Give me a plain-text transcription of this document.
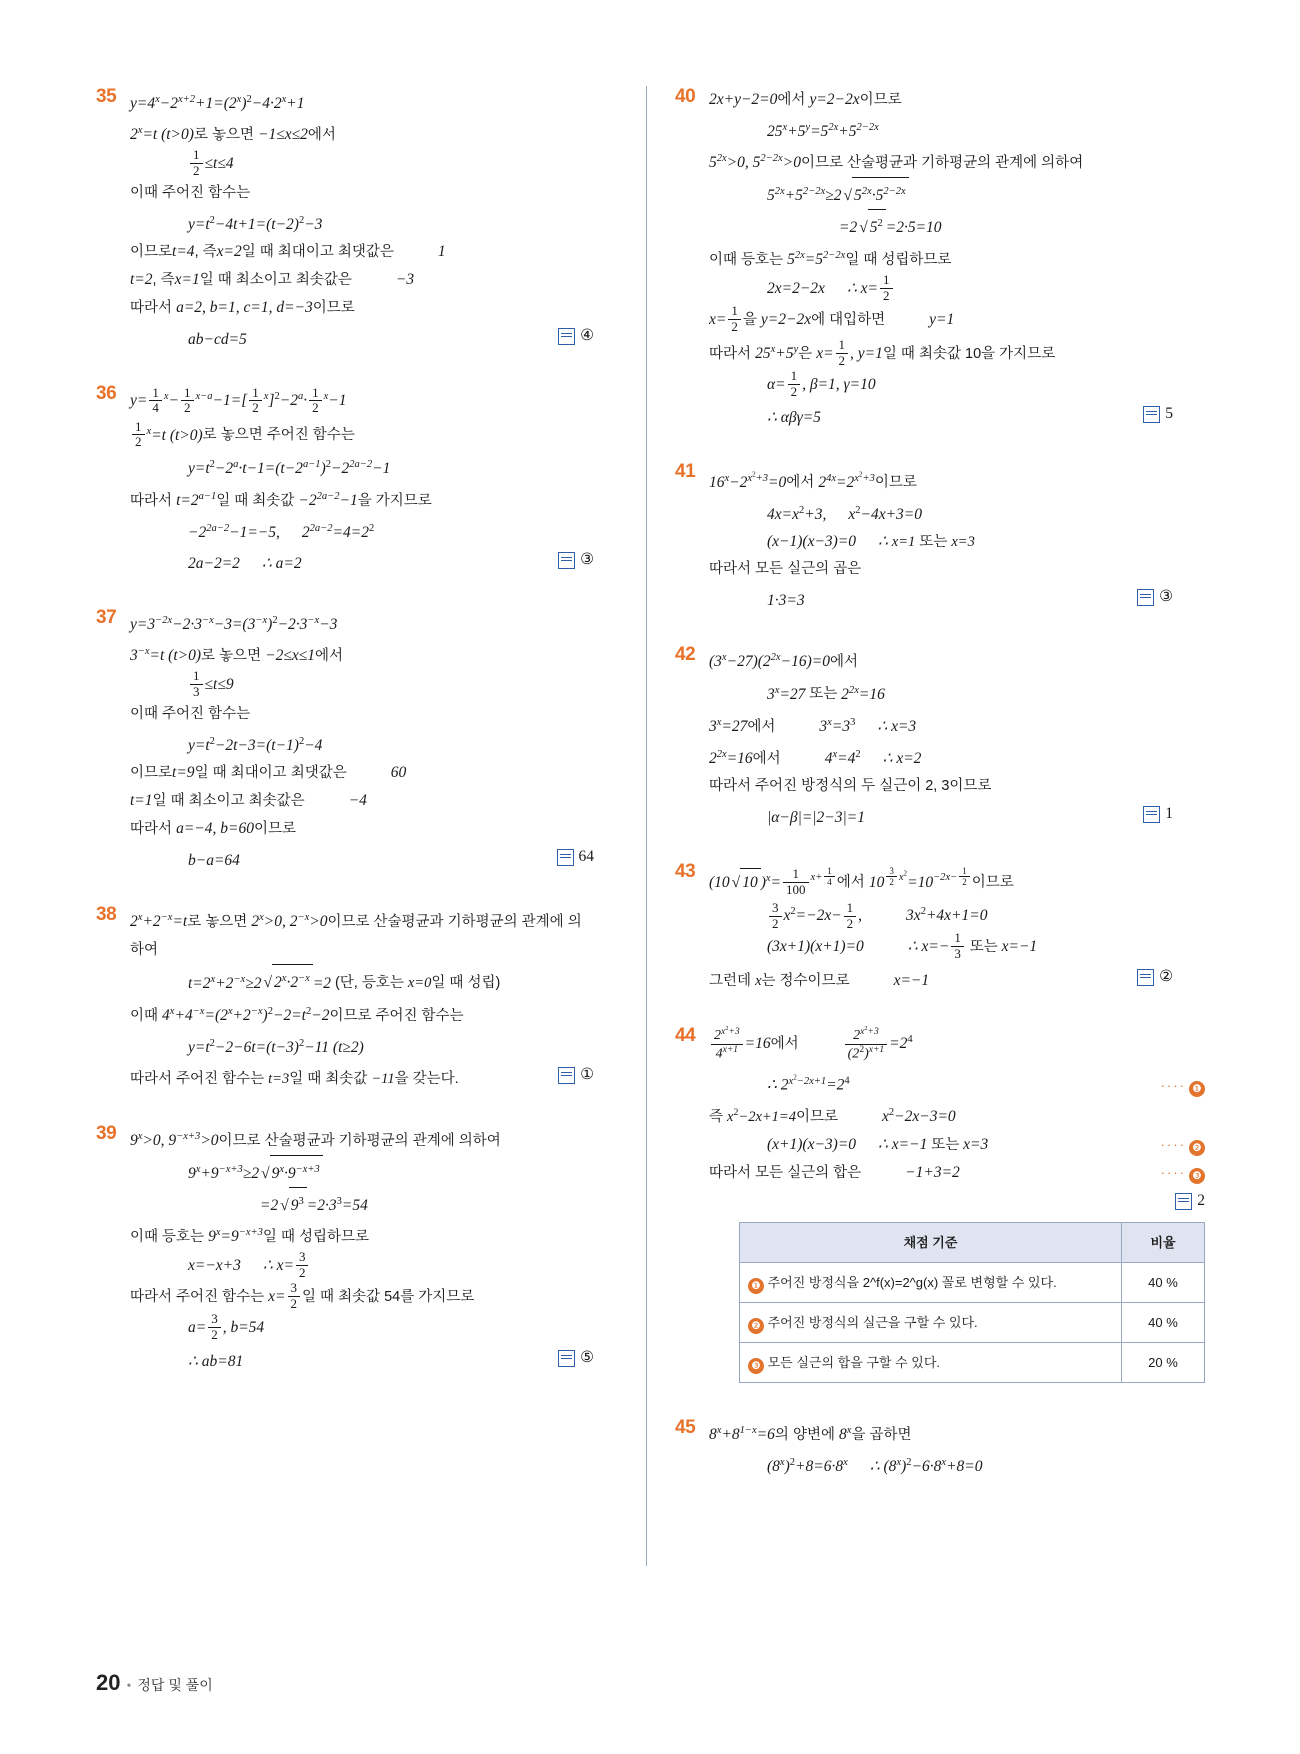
35 $y=4^x-2^{x+2}+1=(2^x)^2-4\cdot 2^x+1$
$2^x=t$ (t>0)로 놓으면 −1≤x≤2에서
$\frac{1}{2} \le t\le 4$
이때 주어진 함수는
$y=t^2-4t+1=(t-2)^2-3$
이므로 t=4 , 즉 x=2 일 때 최대이고 최댓값은	1
t=2 , 즉 x=1 일 때 최소이고 최솟값은	−3
따라서 a=2, b=1, c=1, d=−3이므로
ab−cd=5	④
36 $y= \frac{1}{4} ^x- \frac{1}{2} ^{x-a}-1=[ \frac{1}{2} ^x]^2-2^a\cdot \frac{1}{2} ^x-1$
$\frac{1}{2} ^x=t$ (t>0)로 놓으면 주어진 함수는
$y=t^2-2^a\cdot t-1=(t-2^{a-1})^2-2^{2a-2}-1$
따라서 $t=2^{a-1}$일 때 최솟값 $-2^{2a-2}-1$을 가지므로
$-2^{2a-2}-1=-5$, $2^{2a-2}=4=2^2$
2a−2=2 ∴ a=2	③
37 $y=3^{-2x}-2\cdot 3^{-x}-3=(3^{-x})^2-2\cdot 3^{-x}-3$
$3^{-x}=t$ (t>0)로 놓으면 −2≤x≤1에서
$\frac{1}{3} \le t\le 9$
이때 주어진 함수는
$y=t^2-2t-3=(t-1)^2-4$
이므로 t=9 일 때 최대이고 최댓값은	60
t=1 일 때 최소이고 최솟값은	−4
따라서 a=−4, b=60이므로
b−a=64	64
38 $2^x+2^{-x}=t$로 놓으면 $2^x>0$, $2^{-x}>0$이므로 산술평균과 기하평균의 관계에 의하여
$t=2^x+2^{-x}\ge 2$ √ $2^x\cdot 2^{-x} =2$ (단, 등호는 x=0일 때 성립)
이때 $4^x+4^{-x}=(2^x+2^{-x})^2-2=t^2-2$이므로 주어진 함수는
$y=t^2-2-6t=(t-3)^2-11$ (t≥2)
따라서 주어진 함수는 t=3일 때 최솟값 −11을 갖는다.	①
39 $9^x>0$, $9^{-x+3}>0$이므로 산술평균과 기하평균의 관계에 의하여
$9^x+9^{-x+3}\ge 2$ √ $9^x\cdot 9^{-x+3}$
=2 √ $9^3 =2\cdot 3^3=54$
이때 등호는 $9^x=9^{-x+3}$일 때 성립하므로
x=−x+3 ∴ $x= \frac{3}{2}$
따라서 주어진 함수는 $x= \frac{3}{2}$ 일 때 최솟값 54를 가지므로
$a= \frac{3}{2}$ , b=54
∴ ab=81	⑤
40 2x+y−2=0에서 y=2−2x이므로
$25^x+5^y=5^{2x}+5^{2-2x}$
$5^{2x}>0$, $5^{2-2x}>0$이므로 산술평균과 기하평균의 관계에 의하여
$5^{2x}+5^{2-2x}\ge 2$ √ $5^{2x}\cdot 5^{2-2x}$
=2 √ $5^2 =2\cdot 5=10$
이때 등호는 $5^{2x}=5^{2-2x}$일 때 성립하므로
2x=2−2x ∴ $x= \frac{1}{2}$
$x= \frac{1}{2}$ 을 y=2−2x에 대입하면	y=1
따라서 $25^x+5^y$은 $x= \frac{1}{2}$ , y=1일 때 최솟값 10을 가지므로
$\alpha= \frac{1}{2}$ , β=1, γ=10
∴ αβγ=5	5
41
$16^x-2^{x^2+3}=0$에서 $2^{4x}=2^{x^2+3}$이므로
$4x=x^2+3$, $x^2-4x+3=0$
(x−1)(x−3)=0 ∴ x=1 또는 x=3
따라서 모든 실근의 곱은
1·3=3	③
42 $(3^x-27)(2^{2x}-16)=0$에서
$3^x=27$ 또는 $2^{2x}=16$
$3^x=27$에서	$3^x=3^3$ ∴ x=3
$2^{2x}=16$에서	$4^x=4^2$ ∴ x=2
따라서 주어진 방정식의 두 실근이 2, 3이므로
|α−β|=|2−3|=1	1
43
(10 √ 10 )$^x= \frac{1}{100} ^{x+ \frac{1}{4}}$ 에서 10 $^{\frac{3}{2} x^2}=10^{-2x- \frac{1}{2}}$ 이므로
$\frac{3}{2} x^2=-2x- \frac{1}{2}$ ,	$3x^2+4x+1=0$
(3x+1)(x+1)=0	∴ $x=- \frac{1}{3}$ 또는 x=−1
그런데 x는 정수이므로	x=−1	②
44	$\frac{2^{x^2+3}}{4^{x+1}} =16$에서	$\frac{2^{x^2+3}}{(2^2)^{x+1}} =2^4$
∴ $2^{x^2-2x+1}=2^4$	···· ❶
즉 $x^2-2x+1=4$이므로	$x^2-2x-3=0$
(x+1)(x−3)=0 ∴ x=−1 또는 x=3	···· ❷
따라서 모든 실근의 합은	−1+3=2	···· ❸
2
채점 기준	비율
❶ 주어진 방정식을 2^f(x)=2^g(x) 꼴로 변형할 수 있다.	40 %
❷ 주어진 방정식의 실근을 구할 수 있다.	40 %
❸ 모든 실근의 합을 구할 수 있다.	20 %
45 $8^x+8^{1-x}=6$의 양변에 8$^x$을 곱하면
$(8^x)^2+8=6\cdot 8^x$ ∴ $(8^x)^2-6\cdot 8^x+8=0$
20 • 정답 및 풀이
